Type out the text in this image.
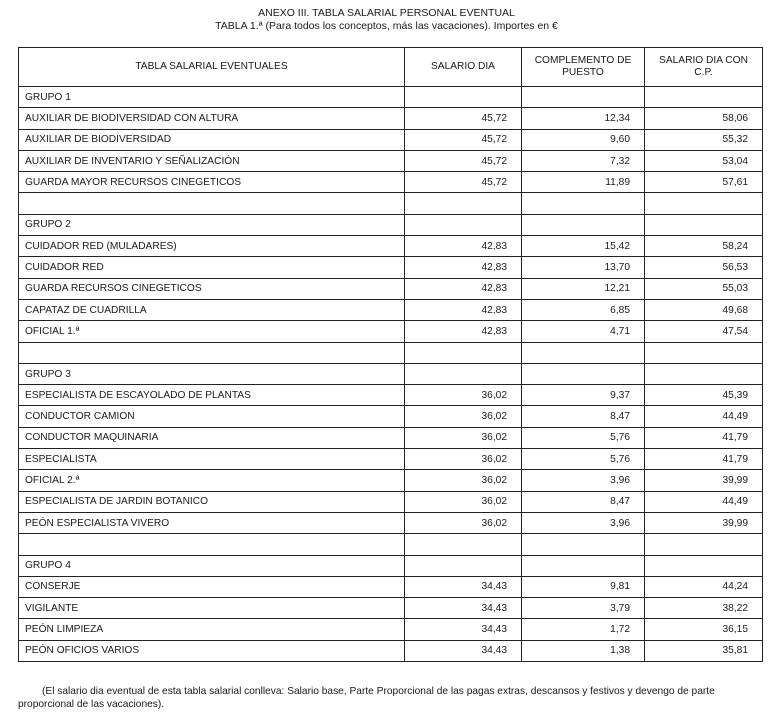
ANEXO III. TABLA SALARIAL PERSONAL EVENTUAL
TABLA 1.ª (Para todos los conceptos, más las vacaciones). Importes en €
TABLA SALARIAL EVENTUALES	SALARIO DIA	COMPLEMENTO DE PUESTO	SALARIO DIA CON C.P.
GRUPO 1			
AUXILIAR DE BIODIVERSIDAD CON ALTURA	45,72	12,34	58,06
AUXILIAR DE BIODIVERSIDAD	45,72	9,60	55,32
AUXILIAR DE INVENTARIO Y SEÑALIZACIÓN	45,72	7,32	53,04
GUARDA MAYOR RECURSOS CINEGETICOS	45,72	11,89	57,61

GRUPO 2			
CUIDADOR RED (MULADARES)	42,83	15,42	58,24
CUIDADOR RED	42,83	13,70	56,53
GUARDA RECURSOS CINEGETICOS	42,83	12,21	55,03
CAPATAZ DE CUADRILLA	42,83	6,85	49,68
OFICIAL 1.ª	42,83	4,71	47,54

GRUPO 3			
ESPECIALISTA DE ESCAYOLADO DE PLANTAS	36,02	9,37	45,39
CONDUCTOR CAMION	36,02	8,47	44,49
CONDUCTOR MAQUINARIA	36,02	5,76	41,79
ESPECIALISTA	36,02	5,76	41,79
OFICIAL 2.ª	36,02	3,96	39,99
ESPECIALISTA DE JARDIN BOTANICO	36,02	8,47	44,49
PEÓN ESPECIALISTA VIVERO	36,02	3,96	39,99

GRUPO 4			
CONSERJE	34,43	9,81	44,24
VIGILANTE	34,43	3,79	38,22
PEÓN LIMPIEZA	34,43	1,72	36,15
PEÓN OFICIOS VARIOS	34,43	1,38	35,81
(El salario dia eventual de esta tabla salarial conlleva: Salario base, Parte Proporcional de las pagas extras, descansos y festivos y devengo de parte proporcional de las vacaciones).
